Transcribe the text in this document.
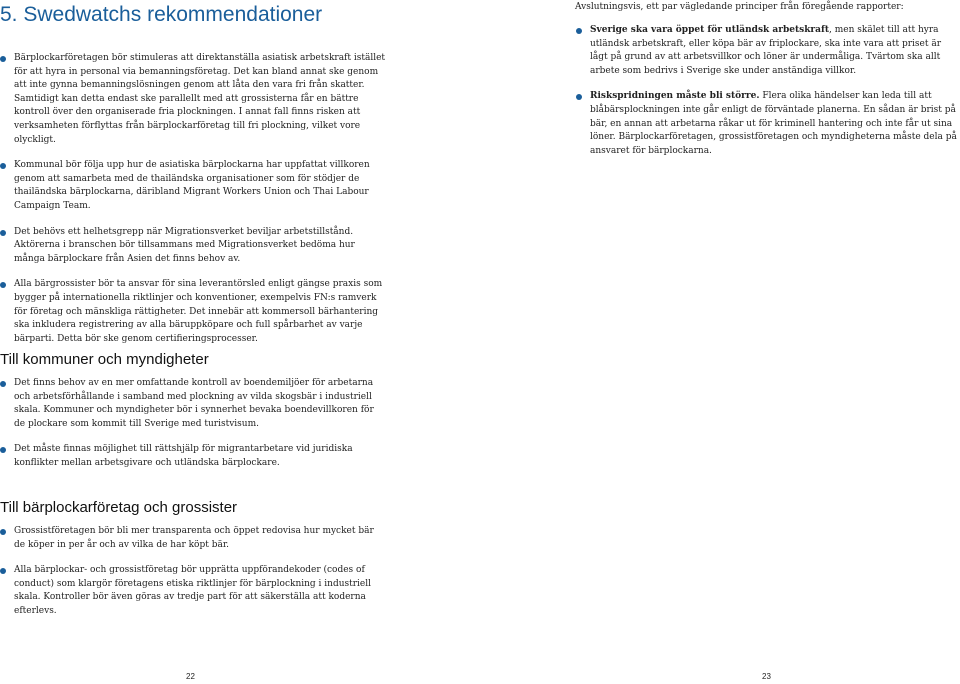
5. Swedwatchs rekommendationer
Bärplockarföretagen bör stimuleras att direktanställa asiatisk arbetskraft istället för att hyra in personal via bemanningsföretag. Det kan bland annat ske genom att inte gynna bemanningslösningen genom att låta den vara fri från skatter. Samtidigt kan detta endast ske parallellt med att grossisterna får en bättre kontroll över den organiserade fria plockningen. I annat fall finns risken att verksamheten förflyttas från bärplockarföretag till fri plockning, vilket vore olyckligt.
Kommunal bör följa upp hur de asiatiska bärplockarna har uppfattat villkoren genom att samarbeta med de thailändska organisationer som för stödjer de thailändska bärplockarna, däribland Migrant Workers Union och Thai Labour Campaign Team.
Det behövs ett helhetsgrepp när Migrationsverket beviljar arbetstillstånd. Aktörerna i branschen bör tillsammans med Migrationsverket bedöma hur många bärplockare från Asien det finns behov av.
Alla bärgrossister bör ta ansvar för sina leverantörsled enligt gängse praxis som bygger på internationella riktlinjer och konventioner, exempelvis FN:s ramverk för företag och mänskliga rättigheter. Det innebär att kommersoll bärhantering ska inkludera registrering av alla bäruppköpare och full spårbarhet av varje bärparti. Detta bör ske genom certifieringsprocesser.
Till kommuner och myndigheter
Det finns behov av en mer omfattande kontroll av boendemiljöer för arbetarna och arbetsförhållande i samband med plockning av vilda skogsbär i industriell skala. Kommuner och myndigheter bör i synnerhet bevaka boendevillkoren för de plockare som kommit till Sverige med turistvisum.
Det måste finnas möjlighet till rättshjälp för migrantarbetare vid juridiska konflikter mellan arbetsgivare och utländska bärplockare.
Till bärplockarföretag och grossister
Grossistföretagen bör bli mer transparenta och öppet redovisa hur mycket bär de köper in per år och av vilka de har köpt bär.
Alla bärplockar- och grossistföretag bör upprätta uppförandekoder (codes of conduct) som klargör företagens etiska riktlinjer för bärplockning i industriell skala. Kontroller bör även göras av tredje part för att säkerställa att koderna efterlevs.
22
Avslutningsvis, ett par vägledande principer från föregående rapporter:
Sverige ska vara öppet för utländsk arbetskraft, men skälet till att hyra utländsk arbetskraft, eller köpa bär av friplockare, ska inte vara att priset är lågt på grund av att arbetsvillkor och löner är undermåliga. Tvärtom ska allt arbete som bedrivs i Sverige ske under anständiga villkor.
Riskspridningen måste bli större. Flera olika händelser kan leda till att blåbärsplockningen inte går enligt de förväntade planerna. En sådan är brist på bär, en annan att arbetarna råkar ut för kriminell hantering och inte får ut sina löner. Bärplockarföretagen, grossistföretagen och myndigheterna måste dela på ansvaret för bärplockarna.
23
